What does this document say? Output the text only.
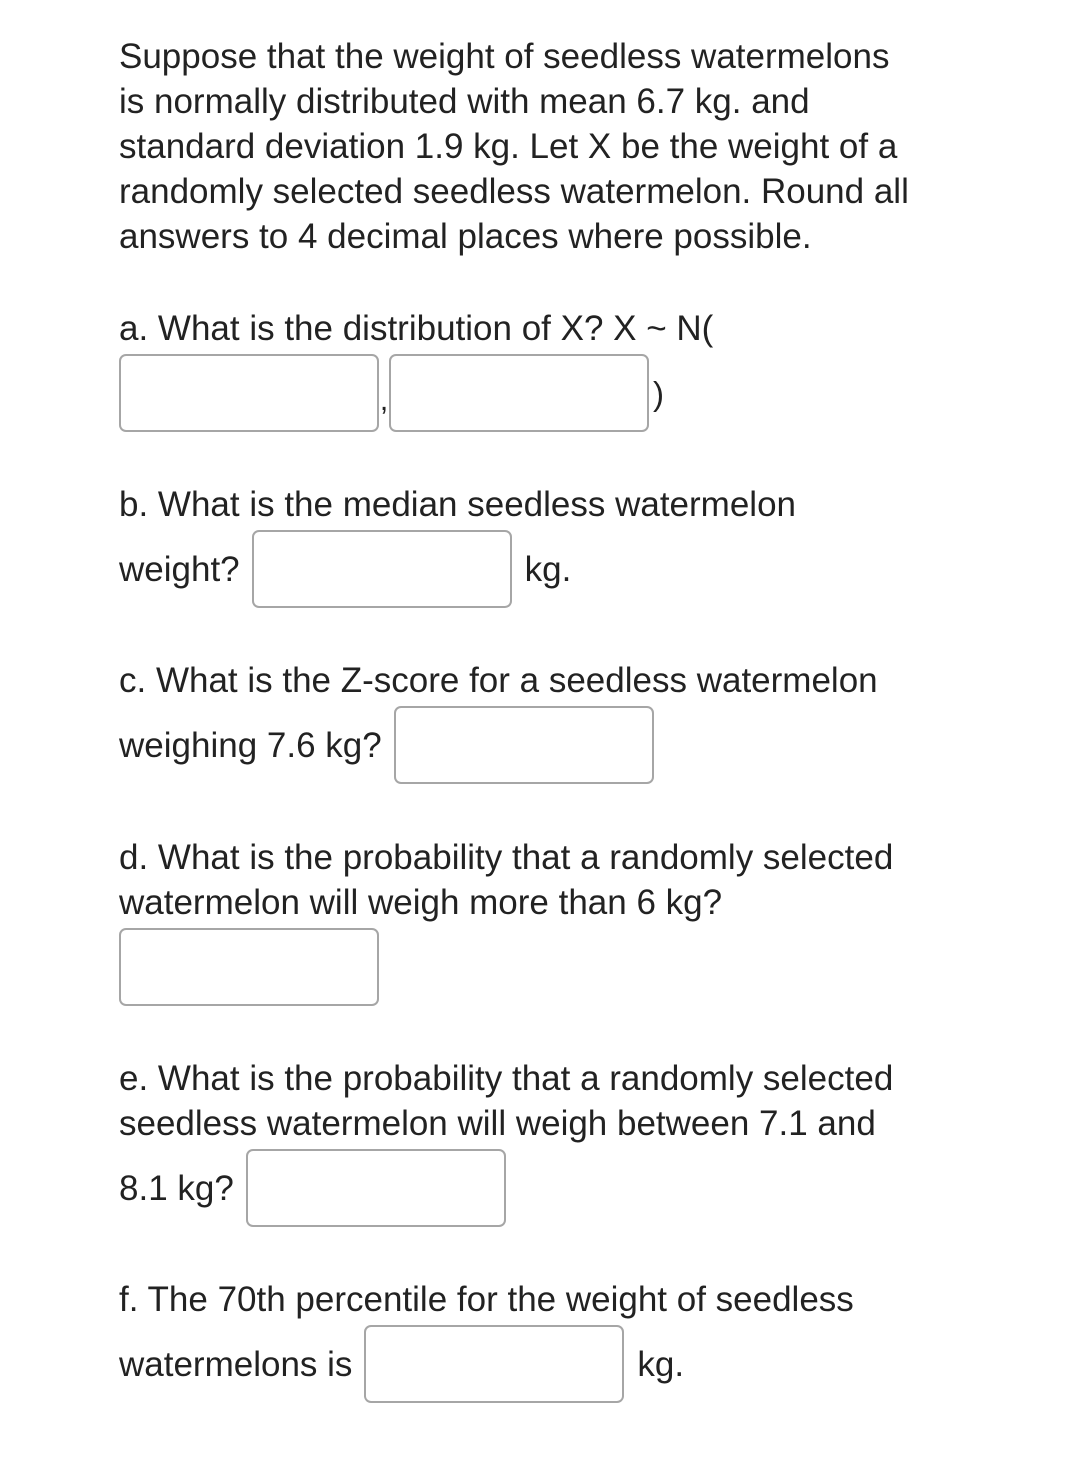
Suppose that the weight of seedless watermelons
is normally distributed with mean 6.7 kg. and
standard deviation 1.9 kg. Let X be the weight of a
randomly selected seedless watermelon. Round all
answers to 4 decimal places where possible.
a. What is the distribution of X? X ~ N(
,	)
b. What is the median seedless watermelon
weight?	kg.
c. What is the Z-score for a seedless watermelon
weighing 7.6 kg?
d. What is the probability that a randomly selected
watermelon will weigh more than 6 kg?
e. What is the probability that a randomly selected
seedless watermelon will weigh between 7.1 and
8.1 kg?
f. The 70th percentile for the weight of seedless
watermelons is	kg.
